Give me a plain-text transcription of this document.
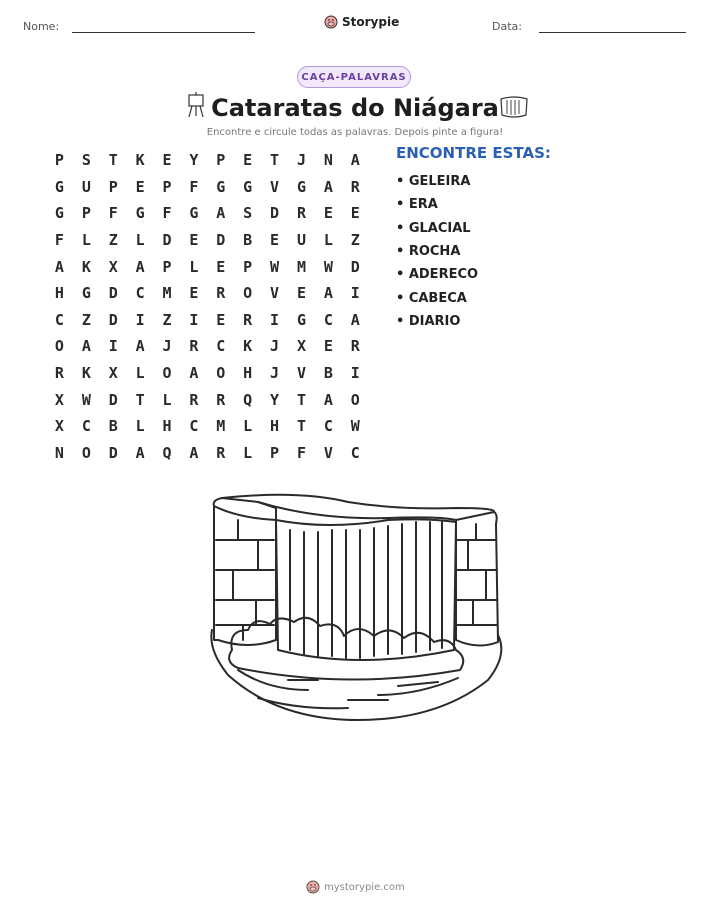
Nome:	Storypie	Data:
CAÇA-PALAVRAS
Cataratas do Niágara
Encontre e circule todas as palavras. Depois pinte a figura!
P	S	T	K	E	Y	P	E	T	J	N	A
G	U	P	E	P	F	G	G	V	G	A	R
G	P	F	G	F	G	A	S	D	R	E	E
F	L	Z	L	D	E	D	B	E	U	L	Z
A	K	X	A	P	L	E	P	W	M	W	D
H	G	D	C	M	E	R	O	V	E	A	I
C	Z	D	I	Z	I	E	R	I	G	C	A
O	A	I	A	J	R	C	K	J	X	E	R
R	K	X	L	O	A	O	H	J	V	B	I
X	W	D	T	L	R	R	Q	Y	T	A	O
X	C	B	L	H	C	M	L	H	T	C	W
N	O	D	A	Q	A	R	L	P	F	V	C
ENCONTRE ESTAS:
• GELEIRA
• ERA
• GLACIAL
• ROCHA
• ADERECO
• CABECA
• DIARIO
mystorypie.com
